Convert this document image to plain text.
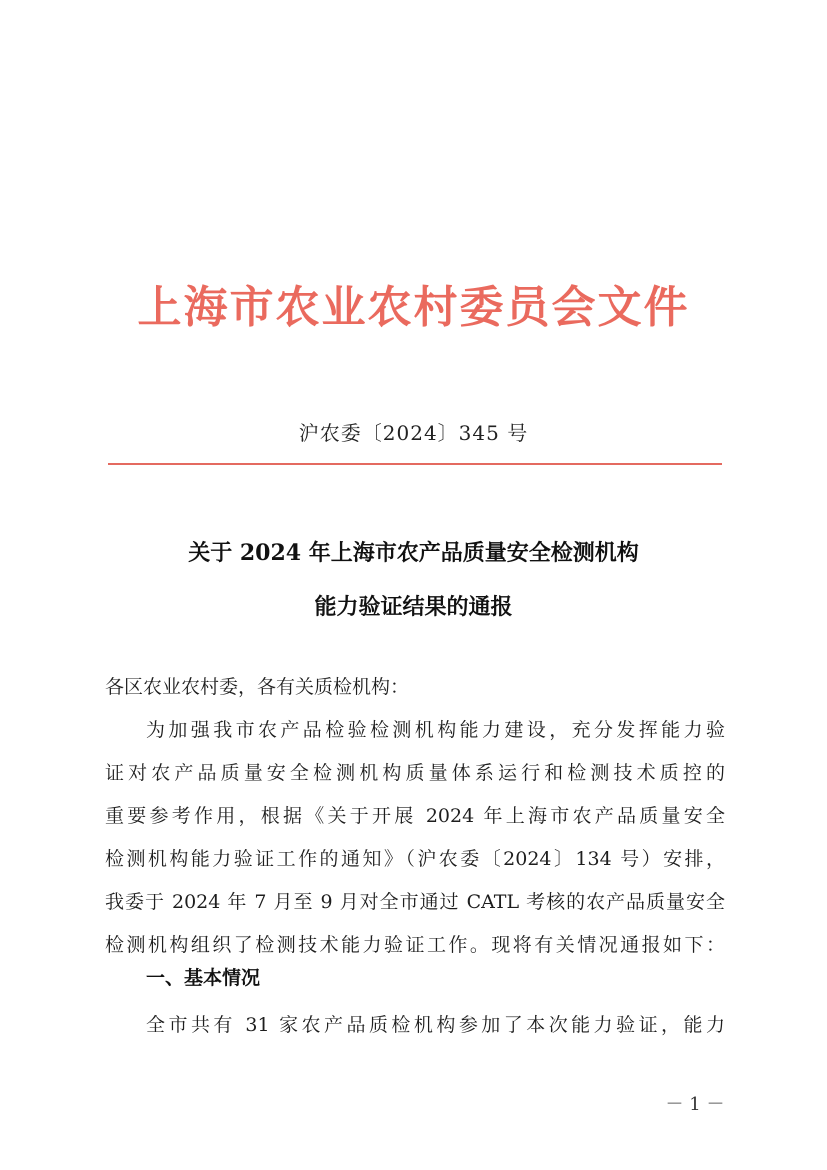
上海市农业农村委员会文件
沪农委〔2024〕345 号
关于 2024 年上海市农产品质量安全检测机构
能力验证结果的通报
各区农业农村委，各有关质检机构：
为加强我市农产品检验检测机构能力建设，充分发挥能力验
证对农产品质量安全检测机构质量体系运行和检测技术质控的
重要参考作用，根据《关于开展 2024 年上海市农产品质量安全
检测机构能力验证工作的通知》（沪农委〔2024〕134 号）安排，
我委于 2024 年 7 月至 9 月对全市通过 CATL 考核的农产品质量安全
检测机构组织了检测技术能力验证工作。现将有关情况通报如下：
一、基本情况
全市共有 31 家农产品质检机构参加了本次能力验证，能力
－ 1 －
